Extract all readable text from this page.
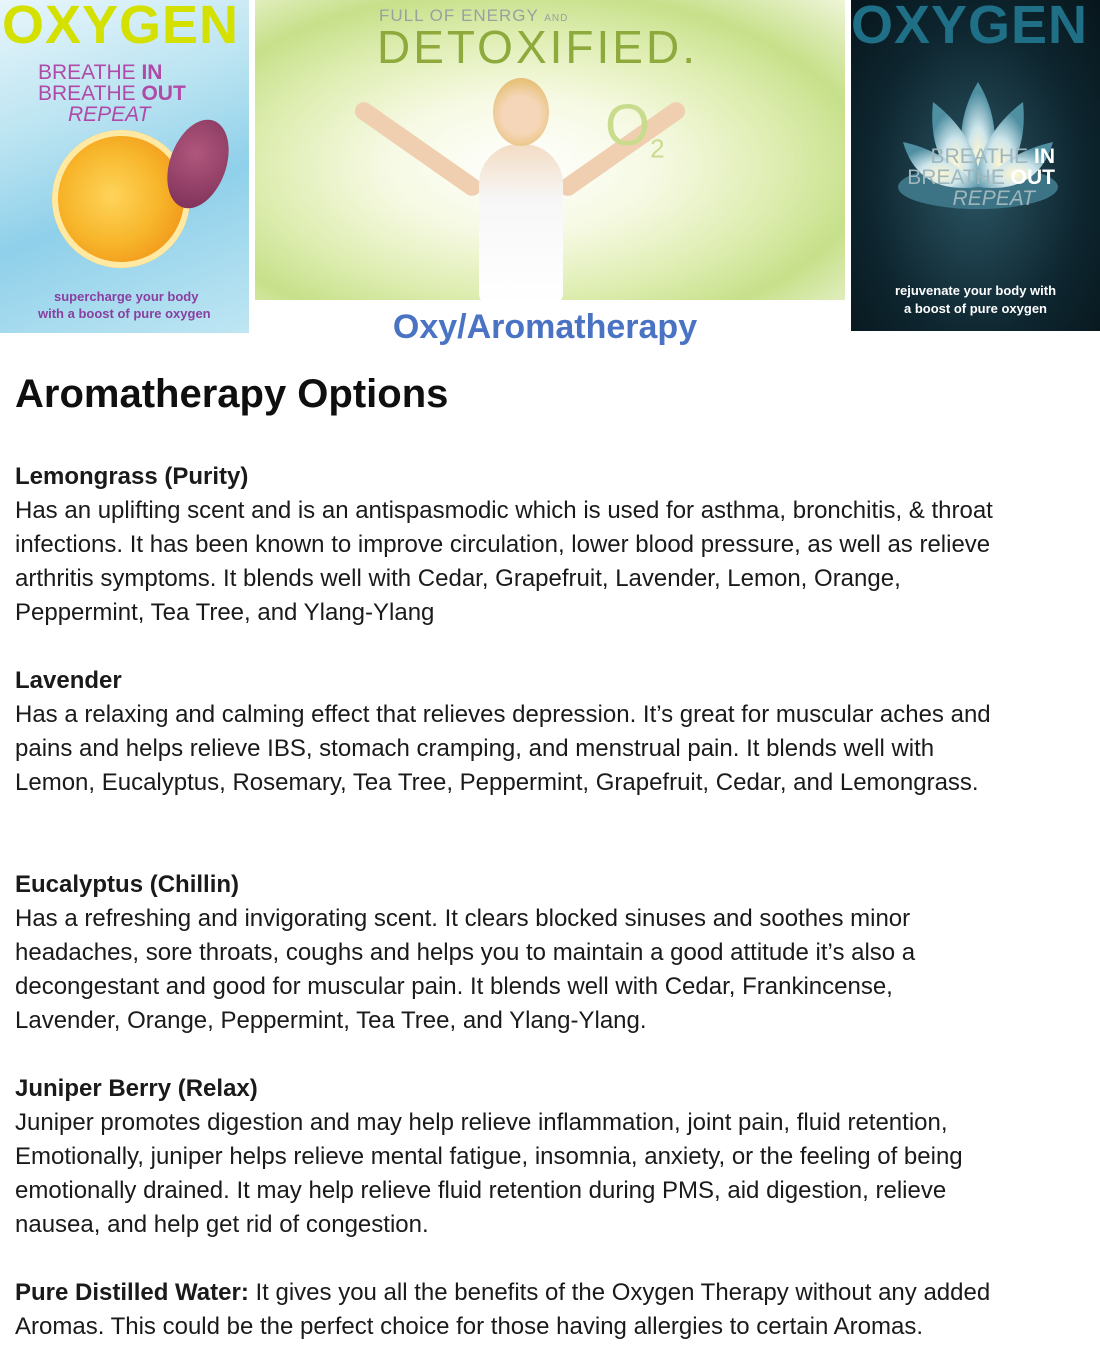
OXYGEN
BREATHE IN
BREATHE OUT
REPEAT
supercharge your body
with a boost of pure oxygen
FULL OF ENERGY AND
DETOXIFIED.
$O_2$
OXYGEN
BREATHE IN
BREATHE OUT
REPEAT
rejuvenate your body with
a boost of pure oxygen
Oxy/Aromatherapy
Aromatherapy Options
Lemongrass (Purity)
Has an uplifting scent and is an antispasmodic which is used for asthma, bronchitis, & throat
infections. It has been known to improve circulation, lower blood pressure, as well as relieve
arthritis symptoms. It blends well with Cedar, Grapefruit, Lavender, Lemon, Orange,
Peppermint, Tea Tree, and Ylang-Ylang
Lavender
Has a relaxing and calming effect that relieves depression. It’s great for muscular aches and
pains and helps relieve IBS, stomach cramping, and menstrual pain. It blends well with
Lemon, Eucalyptus, Rosemary, Tea Tree, Peppermint, Grapefruit, Cedar, and Lemongrass.
Eucalyptus (Chillin)
Has a refreshing and invigorating scent. It clears blocked sinuses and soothes minor
headaches, sore throats, coughs and helps you to maintain a good attitude it’s also a
decongestant and good for muscular pain. It blends well with Cedar, Frankincense,
Lavender, Orange, Peppermint, Tea Tree, and Ylang-Ylang.
Juniper Berry (Relax)
Juniper promotes digestion and may help relieve inflammation, joint pain, fluid retention,
Emotionally, juniper helps relieve mental fatigue, insomnia, anxiety, or the feeling of being
emotionally drained. It may help relieve fluid retention during PMS, aid digestion, relieve
nausea, and help get rid of congestion.
Pure Distilled Water: It gives you all the benefits of the Oxygen Therapy without any added
Aromas. This could be the perfect choice for those having allergies to certain Aromas.
